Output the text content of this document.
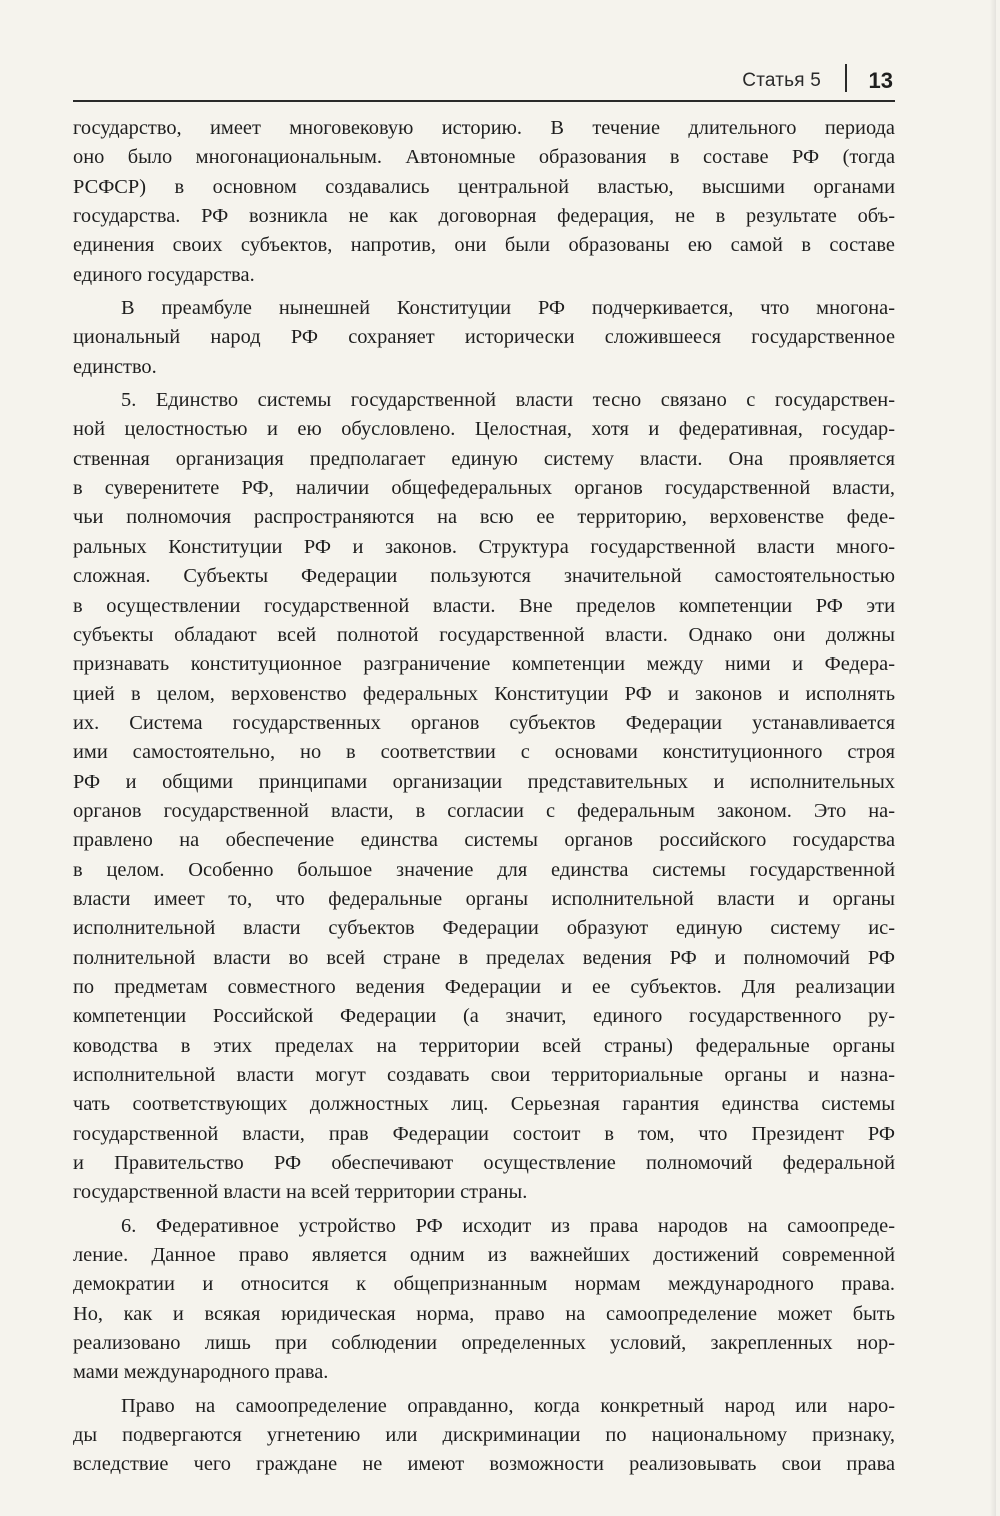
Статья 5 13

государство, имеет многовековую историю. В течение длительного периода
оно было многонациональным. Автономные образования в составе РФ (тогда
РСФСР) в основном создавались центральной властью, высшими органами
государства. РФ возникла не как договорная федерация, не в результате объ-
единения своих субъектов, напротив, они были образованы ею самой в составе
единого государства.

В преамбуле нынешней Конституции РФ подчеркивается, что многона-
циональный народ РФ сохраняет исторически сложившееся государственное
единство.

5. Единство системы государственной власти тесно связано с государствен-
ной целостностью и ею обусловлено. Целостная, хотя и федеративная, государ-
ственная организация предполагает единую систему власти. Она проявляется
в суверенитете РФ, наличии общефедеральных органов государственной власти,
чьи полномочия распространяются на всю ее территорию, верховенстве феде-
ральных Конституции РФ и законов. Структура государственной власти много-
сложная. Субъекты Федерации пользуются значительной самостоятельностью
в осуществлении государственной власти. Вне пределов компетенции РФ эти
субъекты обладают всей полнотой государственной власти. Однако они должны
признавать конституционное разграничение компетенции между ними и Федера-
цией в целом, верховенство федеральных Конституции РФ и законов и исполнять
их. Система государственных органов субъектов Федерации устанавливается
ими самостоятельно, но в соответствии с основами конституционного строя
РФ и общими принципами организации представительных и исполнительных
органов государственной власти, в согласии с федеральным законом. Это на-
правлено на обеспечение единства системы органов российского государства
в целом. Особенно большое значение для единства системы государственной
власти имеет то, что федеральные органы исполнительной власти и органы
исполнительной власти субъектов Федерации образуют единую систему ис-
полнительной власти во всей стране в пределах ведения РФ и полномочий РФ
по предметам совместного ведения Федерации и ее субъектов. Для реализации
компетенции Российской Федерации (а значит, единого государственного ру-
ководства в этих пределах на территории всей страны) федеральные органы
исполнительной власти могут создавать свои территориальные органы и назна-
чать соответствующих должностных лиц. Серьезная гарантия единства системы
государственной власти, прав Федерации состоит в том, что Президент РФ
и Правительство РФ обеспечивают осуществление полномочий федеральной
государственной власти на всей территории страны.

6. Федеративное устройство РФ исходит из права народов на самоопреде-
ление. Данное право является одним из важнейших достижений современной
демократии и относится к общепризнанным нормам международного права.
Но, как и всякая юридическая норма, право на самоопределение может быть
реализовано лишь при соблюдении определенных условий, закрепленных нор-
мами международного права.

Право на самоопределение оправданно, когда конкретный народ или наро-
ды подвергаются угнетению или дискриминации по национальному признаку,
вследствие чего граждане не имеют возможности реализовывать свои права
